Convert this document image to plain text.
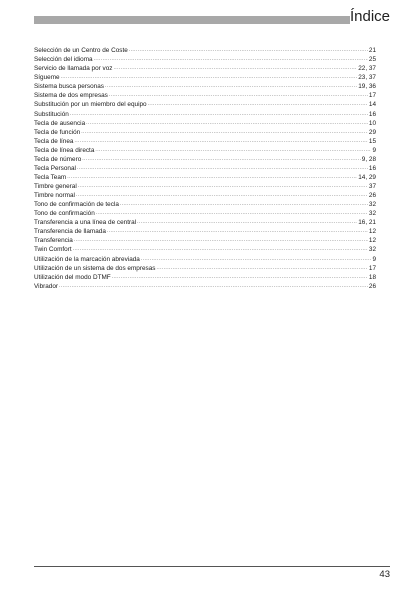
Índice
Selección de un Centro de Coste .....	21
Selección del idioma .....	25
Servicio de llamada por voz .....	22, 37
Sígueme .....	23, 37
Sistema busca personas .....	19, 36
Sistema de dos empresas .....	17
Substitución por un miembro del equipo .....	14
Substitución .....	16
Tecla de ausencia .....	10
Tecla de función .....	29
Tecla de línea .....	15
Tecla de línea directa .....	9
Tecla de número .....	9, 28
Tecla Personal .....	16
Tecla Team .....	14, 29
Timbre general .....	37
Timbre normal .....	26
Tono de confirmación de tecla .....	32
Tono de confirmación .....	32
Transferencia a una línea de central .....	16, 21
Transferencia de llamada .....	12
Transferencia .....	12
Twin Comfort .....	32
Utilización de la marcación abreviada .....	9
Utilización de un sistema de dos empresas .....	17
Utilización del modo DTMF .....	18
Vibrador .....	26
43
